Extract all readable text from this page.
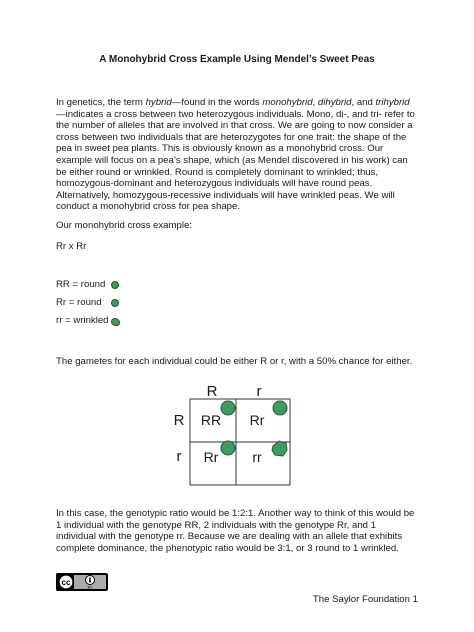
A Monohybrid Cross Example Using Mendel’s Sweet Peas

In genetics, the term hybrid—found in the words monohybrid, dihybrid, and trihybrid—indicates a cross between two heterozygous individuals. Mono, di-, and tri- refer to the number of alleles that are involved in that cross. We are going to now consider a cross between two individuals that are heterozygotes for one trait: the shape of the pea in sweet pea plants. This is obviously known as a monohybrid cross. Our example will focus on a pea’s shape, which (as Mendel discovered in his work) can be either round or wrinkled. Round is completely dominant to wrinkled; thus, homozygous-dominant and heterozygous individuals will have round peas. Alternatively, homozygous-recessive individuals will have wrinkled peas. We will conduct a monohybrid cross for pea shape.

Our monohybrid cross example:
Rr x Rr
RR = round
Rr = round
rr = wrinkled
The gametes for each individual could be either R or r, with a 50% chance for either.
R	r
R
r
RR Rr
Rr rr

In this case, the genotypic ratio would be 1:2:1. Another way to think of this would be 1 individual with the genotype RR, 2 individuals with the genotype Rr, and 1 individual with the genotype rr. Because we are dealing with an allele that exhibits complete dominance, the phenotypic ratio would be 3:1, or 3 round to 1 wrinkled.

cc
BY
The Saylor Foundation 1
